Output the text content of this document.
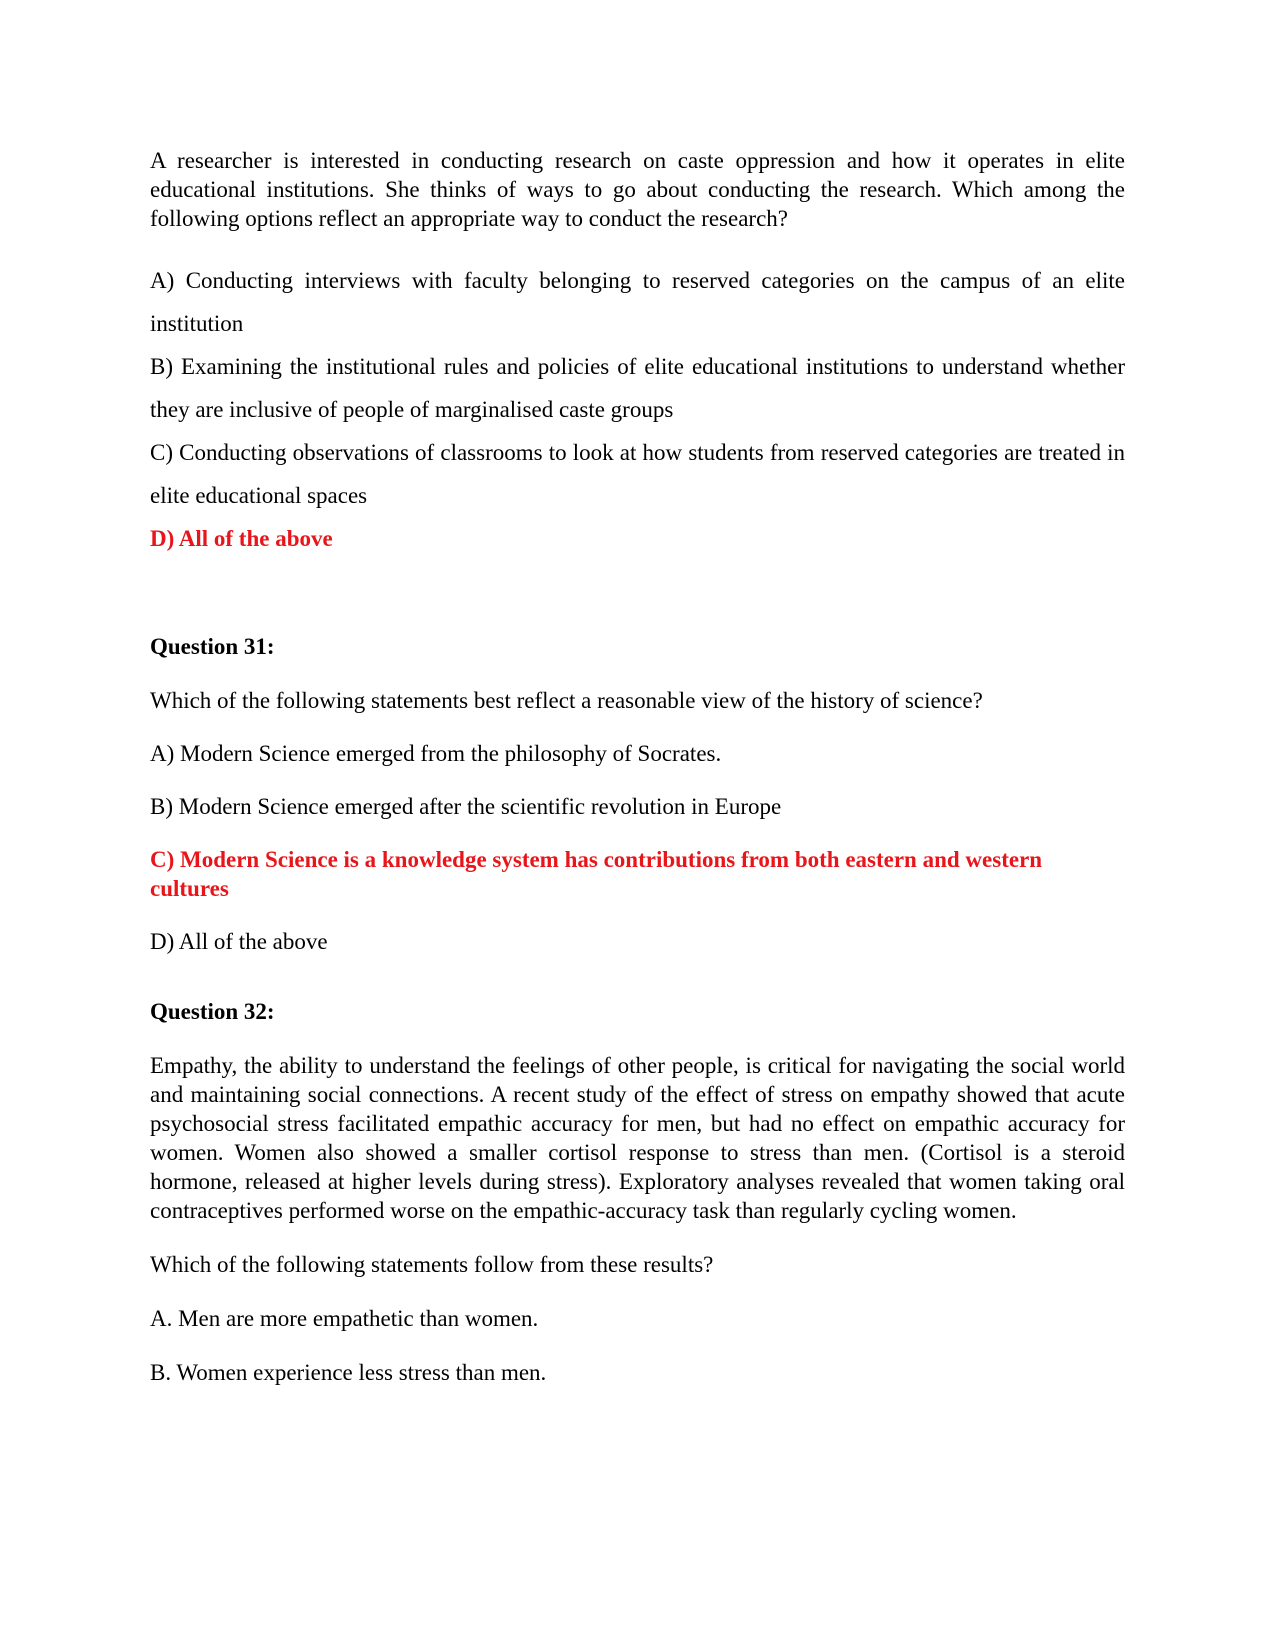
A researcher is interested in conducting research on caste oppression and how it operates in elite educational institutions. She thinks of ways to go about conducting the research. Which among the following options reflect an appropriate way to conduct the research?

A) Conducting interviews with faculty belonging to reserved categories on the campus of an elite institution

B) Examining the institutional rules and policies of elite educational institutions to understand whether they are inclusive of people of marginalised caste groups

C) Conducting observations of classrooms to look at how students from reserved categories are treated in elite educational spaces

D) All of the above

Question 31:

Which of the following statements best reflect a reasonable view of the history of science?

A) Modern Science emerged from the philosophy of Socrates.

B) Modern Science emerged after the scientific revolution in Europe

C) Modern Science is a knowledge system has contributions from both eastern and western cultures

D) All of the above

Question 32:

Empathy, the ability to understand the feelings of other people, is critical for navigating the social world and maintaining social connections. A recent study of the effect of stress on empathy showed that acute psychosocial stress facilitated empathic accuracy for men, but had no effect on empathic accuracy for women. Women also showed a smaller cortisol response to stress than men. (Cortisol is a steroid hormone, released at higher levels during stress). Exploratory analyses revealed that women taking oral contraceptives performed worse on the empathic-accuracy task than regularly cycling women.

Which of the following statements follow from these results?

A. Men are more empathetic than women.

B. Women experience less stress than men.
